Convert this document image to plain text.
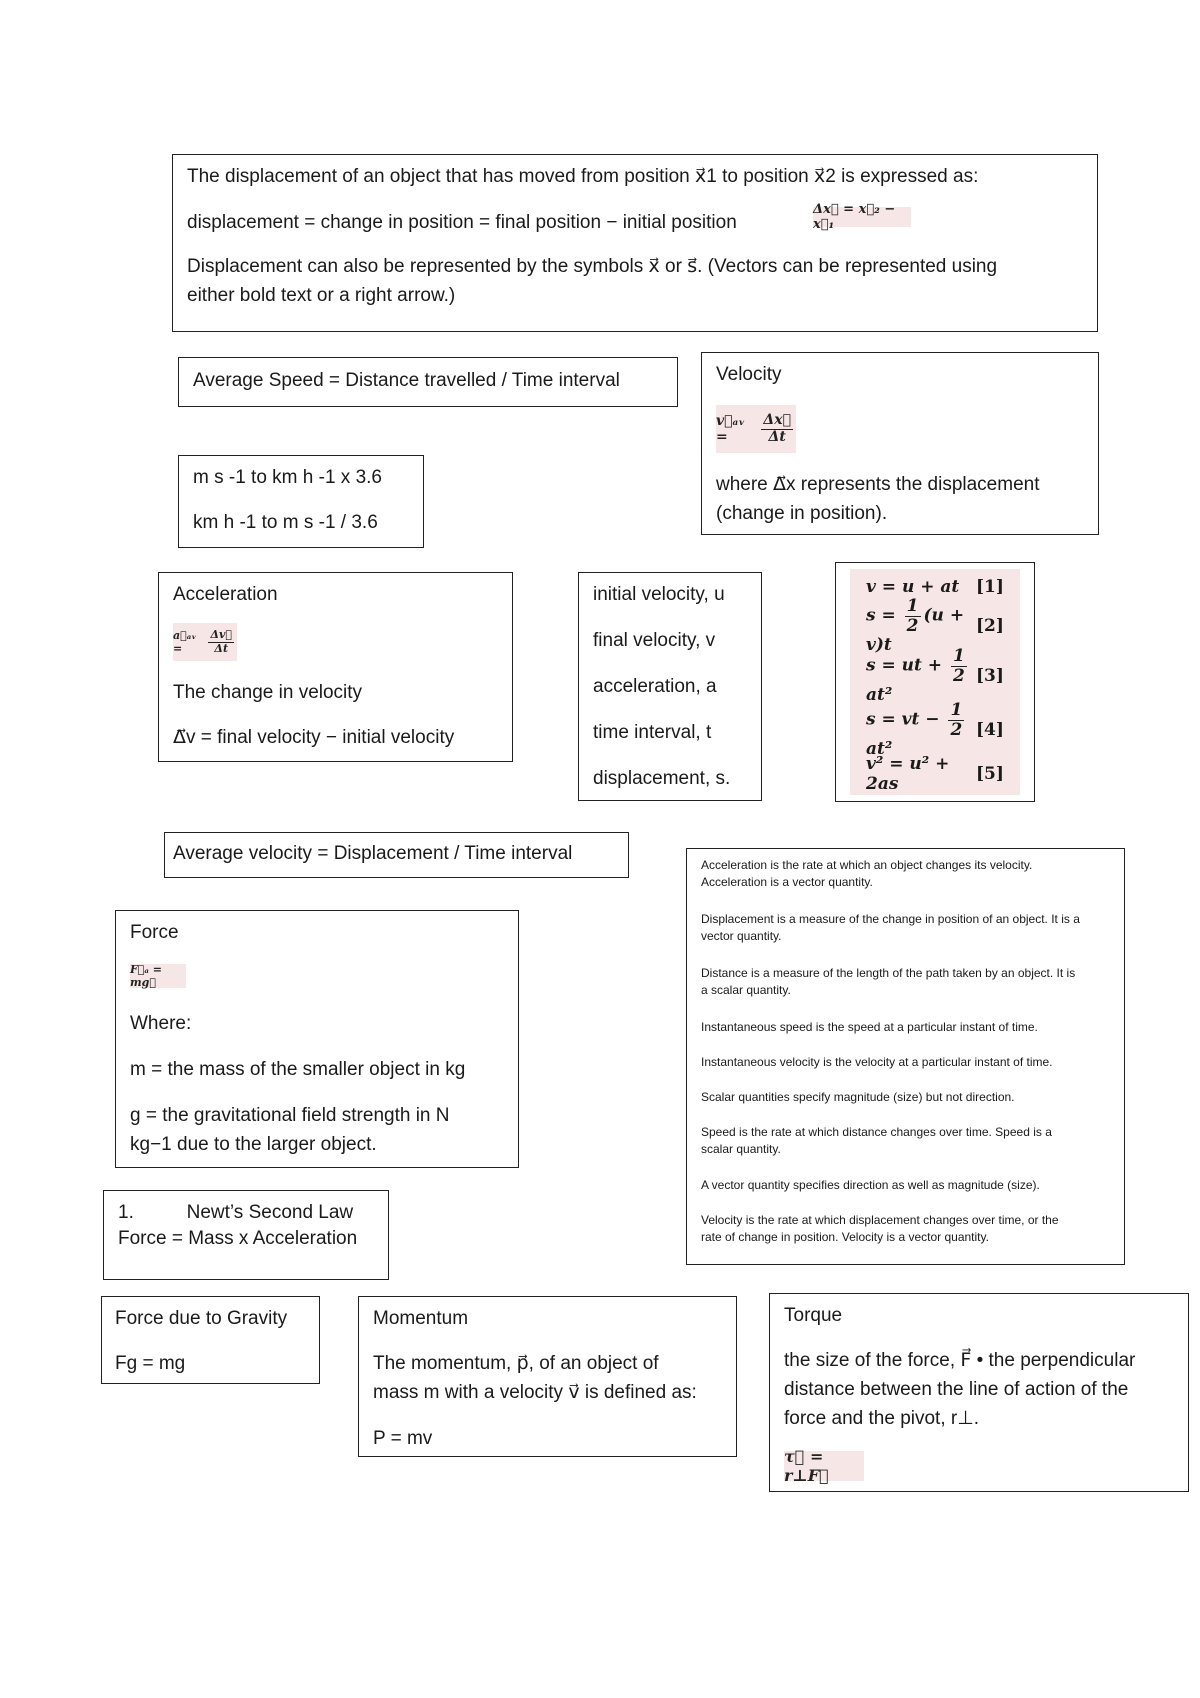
The displacement of an object that has moved from position x⃗1 to position x⃗2 is expressed as:
displacement = change in position = final position − initial position
Δx⃗ = x⃗₂ − x⃗₁
Displacement can also be represented by the symbols x⃗ or s⃗. (Vectors can be represented using
either bold text or a right arrow.)
Average Speed = Distance travelled / Time interval	Velocity
v⃗ₐᵥ = $\frac{\Delta x⃗}{\Delta t}$
where Δ⃗x represents the displacement
(change in position).
m s -1 to km h -1 x 3.6
km h -1 to m s -1 / 3.6
Acceleration
a⃗ₐᵥ = $\frac{\Delta v⃗}{\Delta t}$
The change in velocity
Δ⃗v = final velocity − initial velocity
initial velocity, u
final velocity, v
acceleration, a
time interval, t
displacement, s.
v = u + at [1]
$s = \frac{1}{2} (u + v)t$
[2]
s = ut + $\frac{1}{2}$
at²
[3]
s = vt − $\frac{1}{2}$
at²
[4]
v² = u² + 2as	[5]
Average velocity = Displacement / Time interval
Acceleration is the rate at which an object changes its velocity. Acceleration is a vector quantity.
Displacement is a measure of the change in position of an object. It is a vector quantity.
Distance is a measure of the length of the path taken by an object. It is a scalar quantity.
Instantaneous speed is the speed at a particular instant of time.
Instantaneous velocity is the velocity at a particular instant of time.
Scalar quantities specify magnitude (size) but not direction.
Speed is the rate at which distance changes over time. Speed is a scalar quantity.
A vector quantity specifies direction as well as magnitude (size).
Velocity is the rate at which displacement changes over time, or the rate of change in position. Velocity is a vector quantity.
Force
F⃗ₐ = mg⃗
Where:
m = the mass of the smaller object in kg
g = the gravitational field strength in N
kg−1 due to the larger object.
1.          Newt’s Second Law
Force = Mass x Acceleration
Force due to Gravity
Fg = mg
Momentum
The momentum, p⃗, of an object of
mass m with a velocity v⃗ is defined as:
P = mv
Torque
the size of the force, F⃗ • the perpendicular
distance between the line of action of the
force and the pivot, r⊥.
τ⃗ = r⊥F⃗
